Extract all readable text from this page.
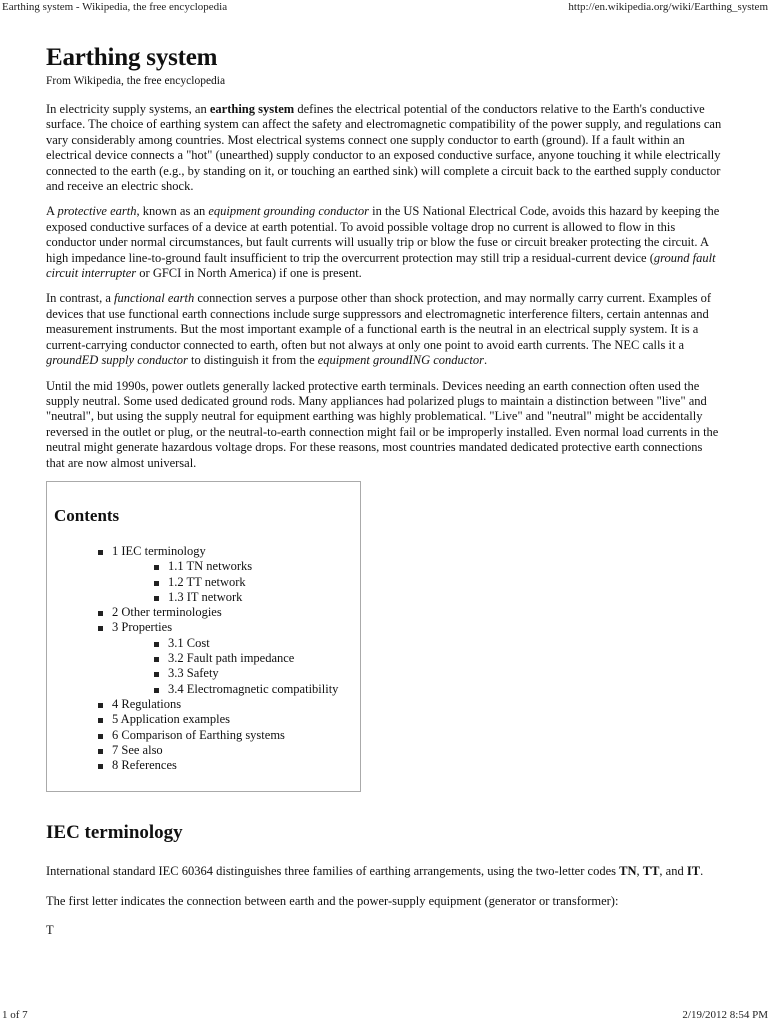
Earthing system - Wikipedia, the free encyclopedia	http://en.wikipedia.org/wiki/Earthing_system
Earthing system
From Wikipedia, the free encyclopedia

In electricity supply systems, an earthing system defines the electrical potential of the conductors relative to the Earth's conductive surface. The choice of earthing system can affect the safety and electromagnetic compatibility of the power supply, and regulations can vary considerably among countries. Most electrical systems connect one supply conductor to earth (ground). If a fault within an electrical device connects a "hot" (unearthed) supply conductor to an exposed conductive surface, anyone touching it while electrically connected to the earth (e.g., by standing on it, or touching an earthed sink) will complete a circuit back to the earthed supply conductor and receive an electric shock.

A protective earth, known as an equipment grounding conductor in the US National Electrical Code, avoids this hazard by keeping the exposed conductive surfaces of a device at earth potential. To avoid possible voltage drop no current is allowed to flow in this conductor under normal circumstances, but fault currents will usually trip or blow the fuse or circuit breaker protecting the circuit. A high impedance line-to-ground fault insufficient to trip the overcurrent protection may still trip a residual-current device (ground fault circuit interrupter or GFCI in North America) if one is present.

In contrast, a functional earth connection serves a purpose other than shock protection, and may normally carry current. Examples of devices that use functional earth connections include surge suppressors and electromagnetic interference filters, certain antennas and measurement instruments. But the most important example of a functional earth is the neutral in an electrical supply system. It is a current-carrying conductor connected to earth, often but not always at only one point to avoid earth currents. The NEC calls it a groundED supply conductor to distinguish it from the equipment groundING conductor.

Until the mid 1990s, power outlets generally lacked protective earth terminals. Devices needing an earth connection often used the supply neutral. Some used dedicated ground rods. Many appliances had polarized plugs to maintain a distinction between "live" and "neutral", but using the supply neutral for equipment earthing was highly problematical. "Live" and "neutral" might be accidentally reversed in the outlet or plug, or the neutral-to-earth connection might fail or be improperly installed. Even normal load currents in the neutral might generate hazardous voltage drops. For these reasons, most countries mandated dedicated protective earth connections that are now almost universal.

Contents
1 IEC terminology
1.1 TN networks
1.2 TT network
1.3 IT network
2 Other terminologies
3 Properties
3.1 Cost
3.2 Fault path impedance
3.3 Safety
3.4 Electromagnetic compatibility
4 Regulations
5 Application examples
6 Comparison of Earthing systems
7 See also
8 References
IEC terminology

International standard IEC 60364 distinguishes three families of earthing arrangements, using the two-letter codes TN, TT, and IT.

The first letter indicates the connection between earth and the power-supply equipment (generator or transformer):

T

1 of 7	2/19/2012 8:54 PM
